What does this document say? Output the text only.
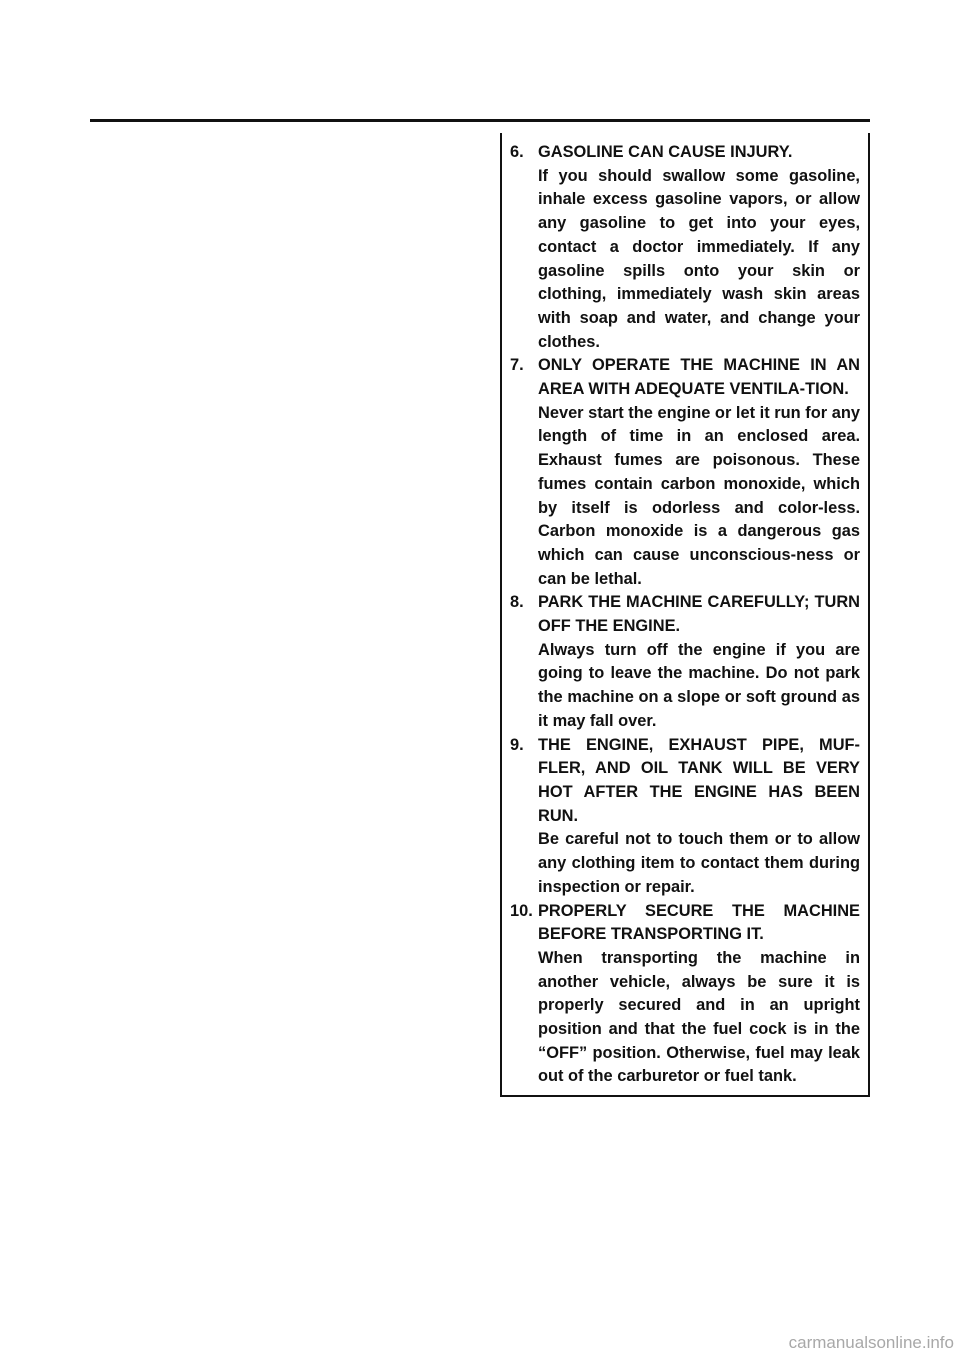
6. GASOLINE CAN CAUSE INJURY.
If you should swallow some gasoline, inhale excess gasoline vapors, or allow any gasoline to get into your eyes, contact a doctor immediately. If any gasoline spills onto your skin or clothing, immediately wash skin areas with soap and water, and change your clothes.
7. ONLY OPERATE THE MACHINE IN AN AREA WITH ADEQUATE VENTILA-TION.
Never start the engine or let it run for any length of time in an enclosed area. Exhaust fumes are poisonous. These fumes contain carbon monoxide, which by itself is odorless and color-less. Carbon monoxide is a dangerous gas which can cause unconscious-ness or can be lethal.
8. PARK THE MACHINE CAREFULLY; TURN OFF THE ENGINE.
Always turn off the engine if you are going to leave the machine. Do not park the machine on a slope or soft ground as it may fall over.
9. THE ENGINE, EXHAUST PIPE, MUF-FLER, AND OIL TANK WILL BE VERY HOT AFTER THE ENGINE HAS BEEN RUN.
Be careful not to touch them or to allow any clothing item to contact them during inspection or repair.
10. PROPERLY SECURE THE MACHINE BEFORE TRANSPORTING IT.
When transporting the machine in another vehicle, always be sure it is properly secured and in an upright position and that the fuel cock is in the “OFF” position. Otherwise, fuel may leak out of the carburetor or fuel tank.
carmanualsonline.info
